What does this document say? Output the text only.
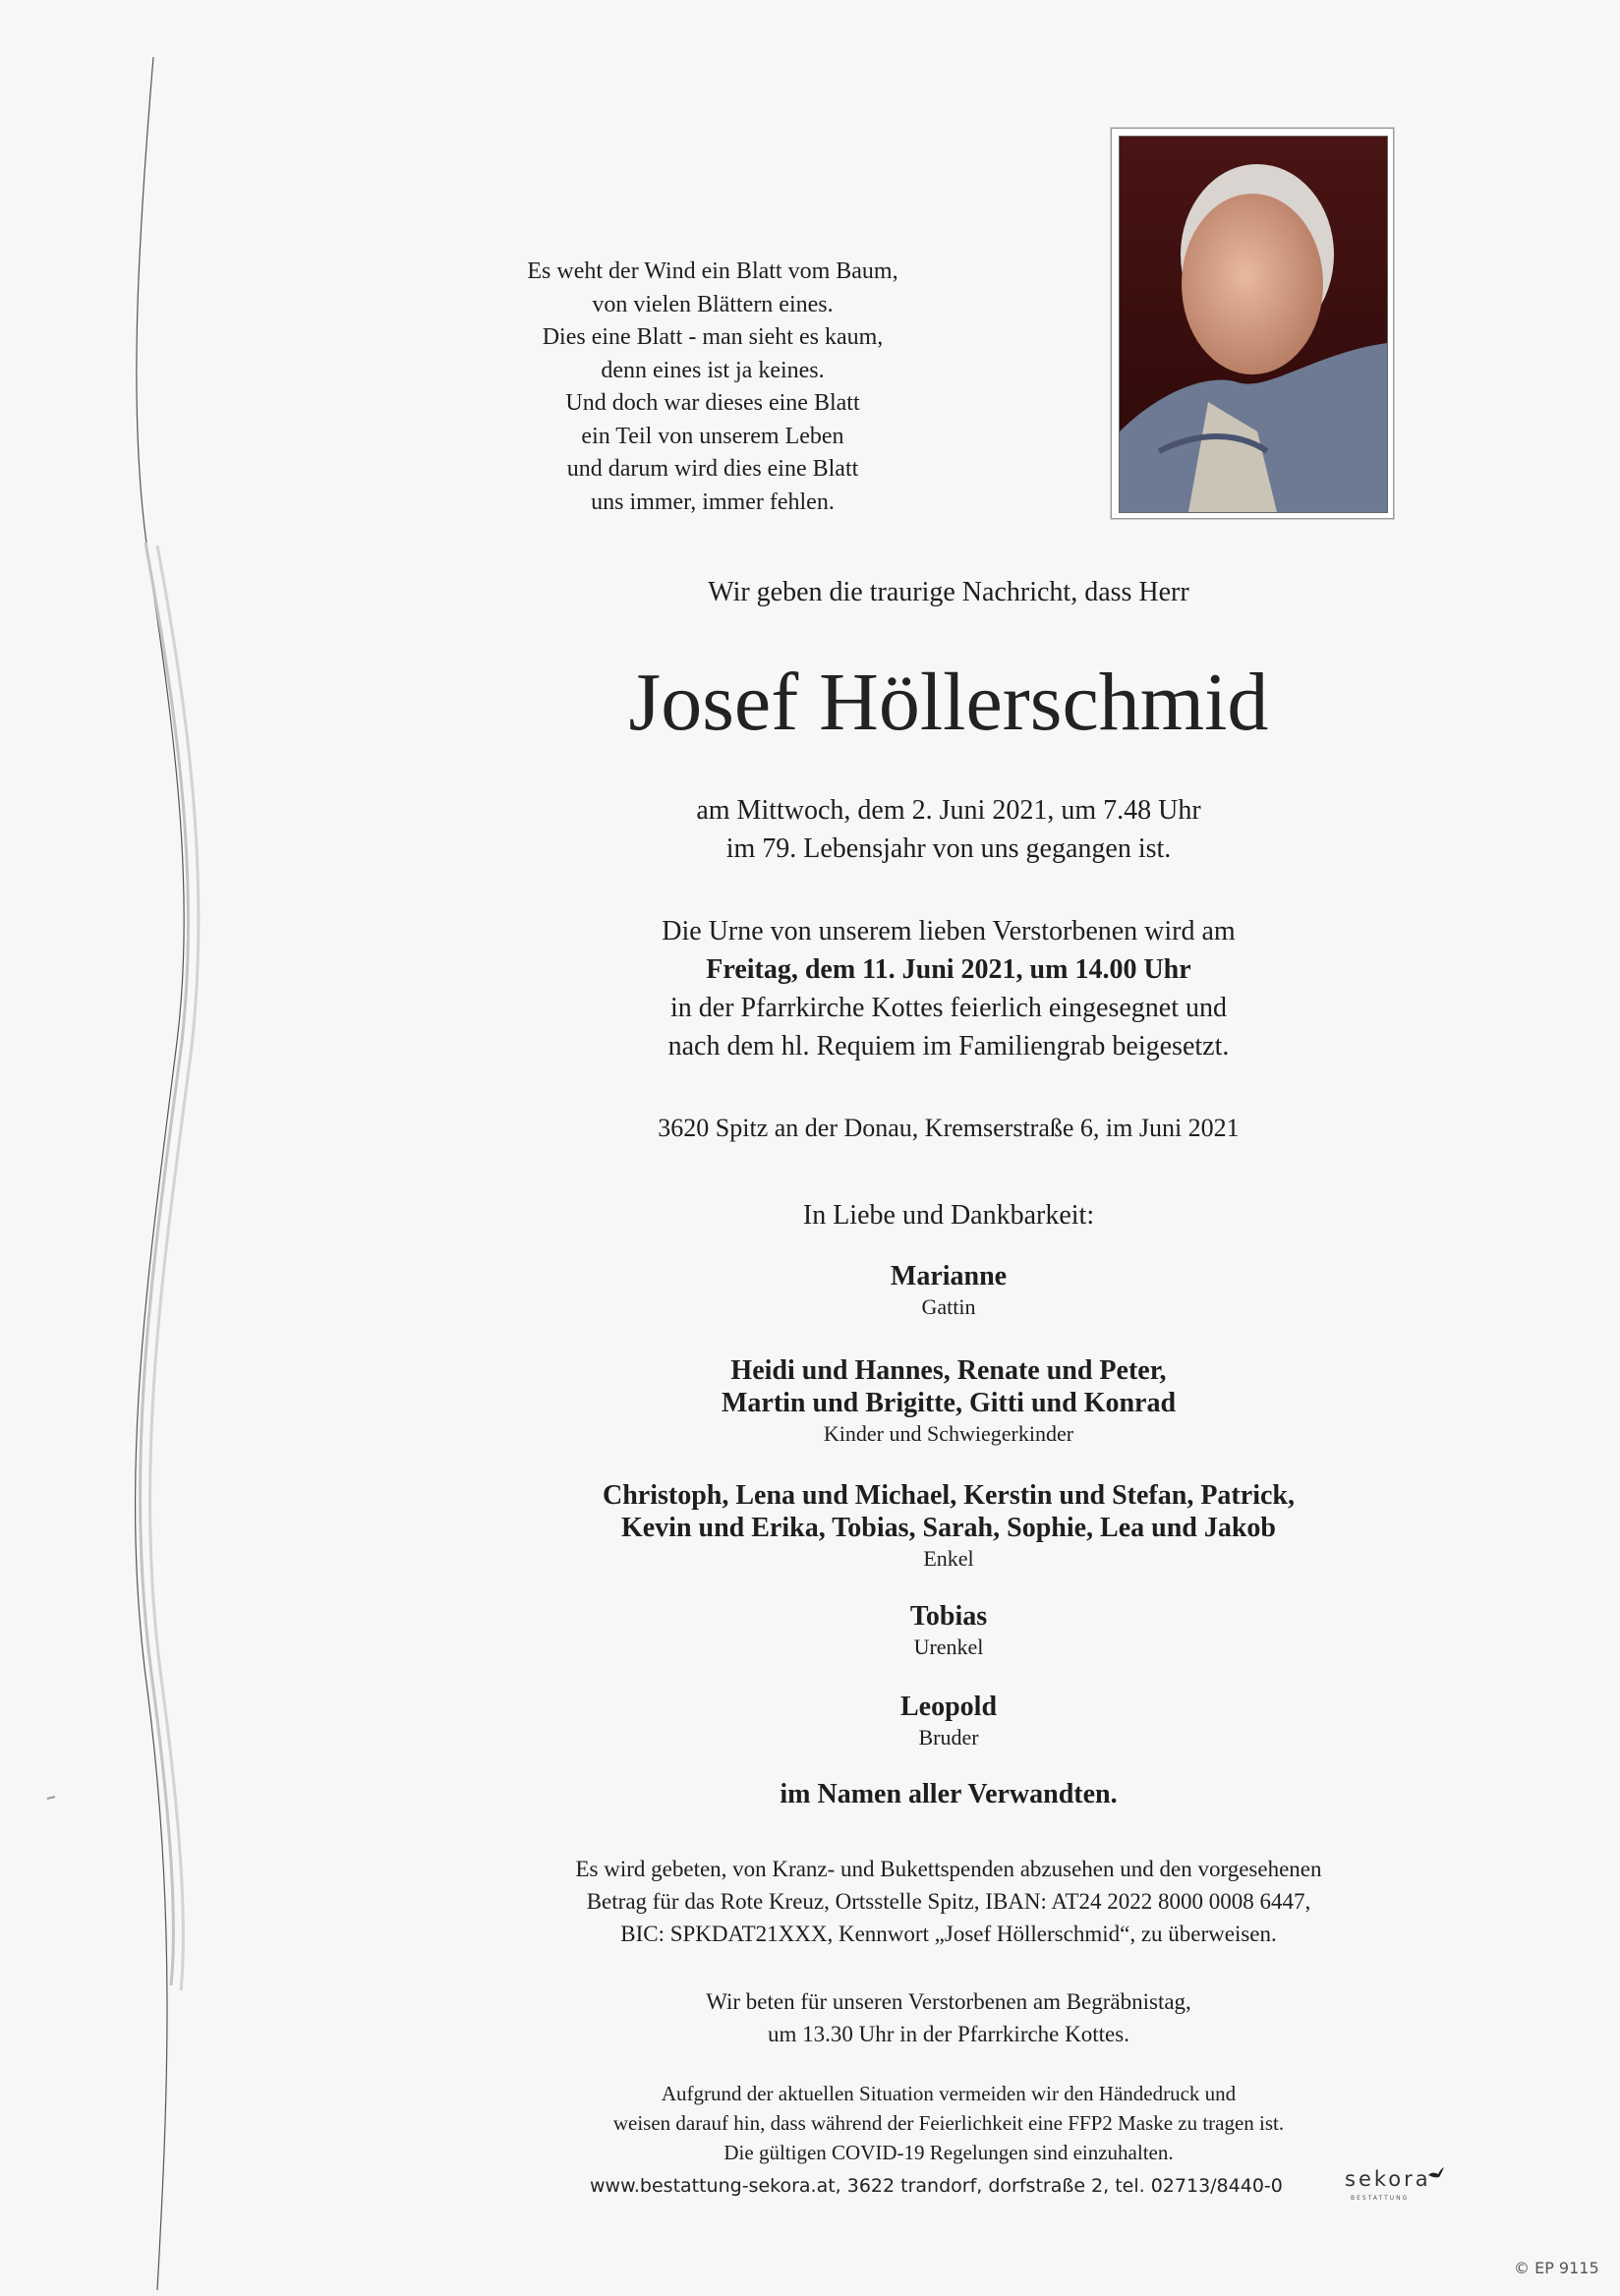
Es weht der Wind ein Blatt vom Baum,
von vielen Blättern eines.
Dies eine Blatt - man sieht es kaum,
denn eines ist ja keines.
Und doch war dieses eine Blatt
ein Teil von unserem Leben
und darum wird dies eine Blatt
uns immer, immer fehlen.
Wir geben die traurige Nachricht, dass Herr
Josef Höllerschmid
am Mittwoch, dem 2. Juni 2021, um 7.48 Uhr
im 79. Lebensjahr von uns gegangen ist.
Die Urne von unserem lieben Verstorbenen wird am
Freitag, dem 11. Juni 2021, um 14.00 Uhr
in der Pfarrkirche Kottes feierlich eingesegnet und
nach dem hl. Requiem im Familiengrab beigesetzt.
3620 Spitz an der Donau, Kremserstraße 6, im Juni 2021
In Liebe und Dankbarkeit:
Marianne
Gattin
Heidi und Hannes, Renate und Peter,
Martin und Brigitte, Gitti und Konrad
Kinder und Schwiegerkinder
Christoph, Lena und Michael, Kerstin und Stefan, Patrick,
Kevin und Erika, Tobias, Sarah, Sophie, Lea und Jakob
Enkel
Tobias
Urenkel
Leopold
Bruder
im Namen aller Verwandten.
Es wird gebeten, von Kranz- und Bukettspenden abzusehen und den vorgesehenen
Betrag für das Rote Kreuz, Ortsstelle Spitz, IBAN: AT24 2022 8000 0008 6447,
BIC: SPKDAT21XXX, Kennwort „Josef Höllerschmid“, zu überweisen.
Wir beten für unseren Verstorbenen am Begräbnistag,
um 13.30 Uhr in der Pfarrkirche Kottes.
Aufgrund der aktuellen Situation vermeiden wir den Händedruck und
weisen darauf hin, dass während der Feierlichkeit eine FFP2 Maske zu tragen ist.
Die gültigen COVID-19 Regelungen sind einzuhalten.
www.bestattung-sekora.at, 3622 trandorf, dorfstraße 2, tel. 02713/8440-0	sekora
BESTATTUNG
© EP 9115
